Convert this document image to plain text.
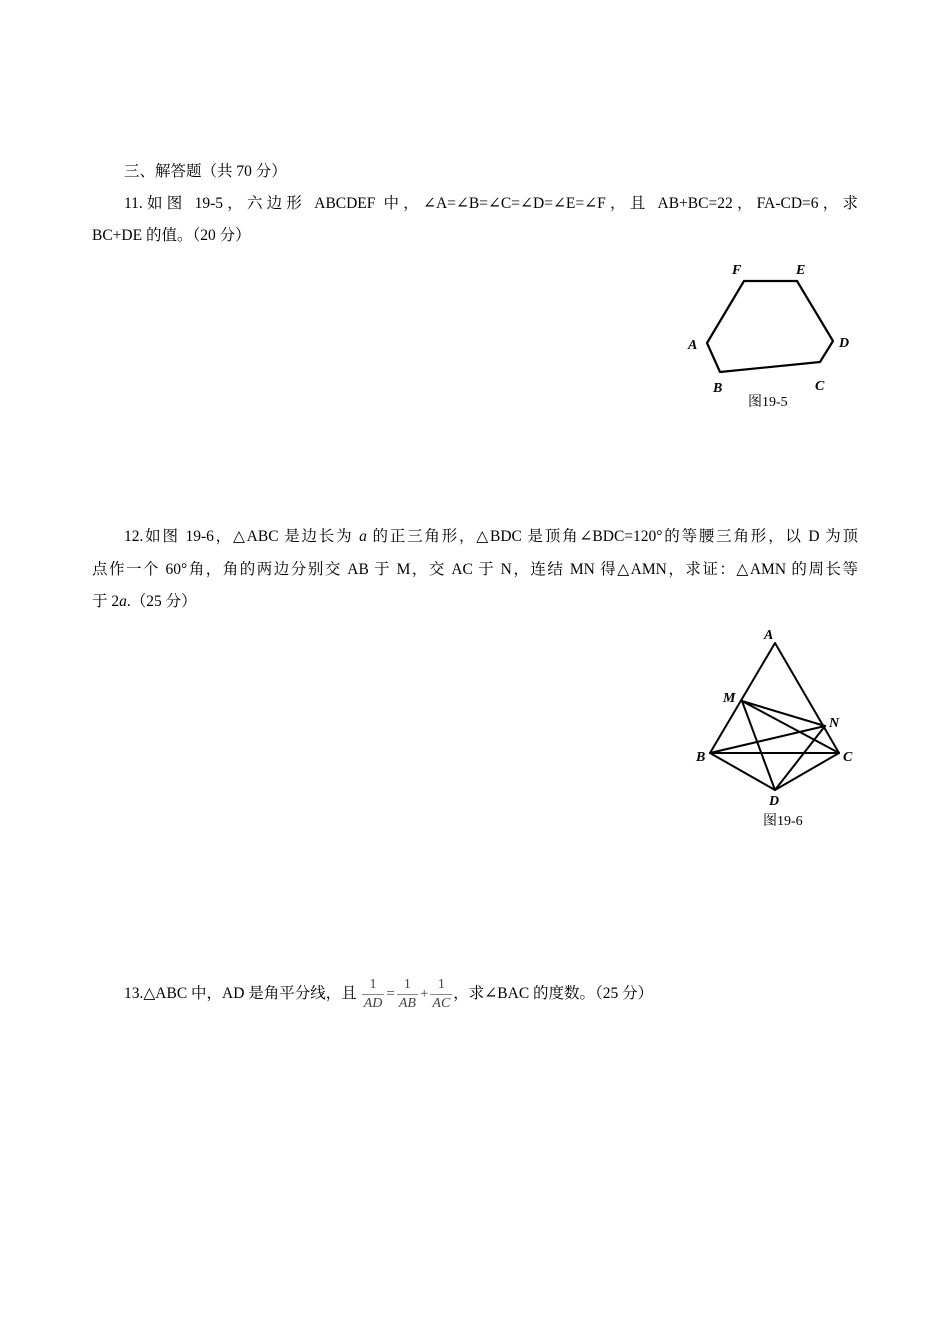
三、解答题（共 70 分）
11.如图 19-5，六边形 ABCDEF 中，∠A=∠B=∠C=∠D=∠E=∠F，且 AB+BC=22，FA-CD=6，求
BC+DE 的值。（20 分）
F	E
D
C
B
A
图19-5
12.如图 19-6，△ABC 是边长为 a 的正三角形，△BDC 是顶角∠BDC=120°的等腰三角形，以 D 为顶
点作一个 60°角，角的两边分别交 AB 于 M，交 AC 于 N，连结 MN 得△AMN，求证：△AMN 的周长等
于 2a.（25 分）
A
M
N
B	C
D
图19-6
13.△ABC 中，AD 是角平分线，且 $\frac{1}{AD} = \frac{1}{AB} + \frac{1}{AC}$ ，求∠BAC 的度数。（25 分）
